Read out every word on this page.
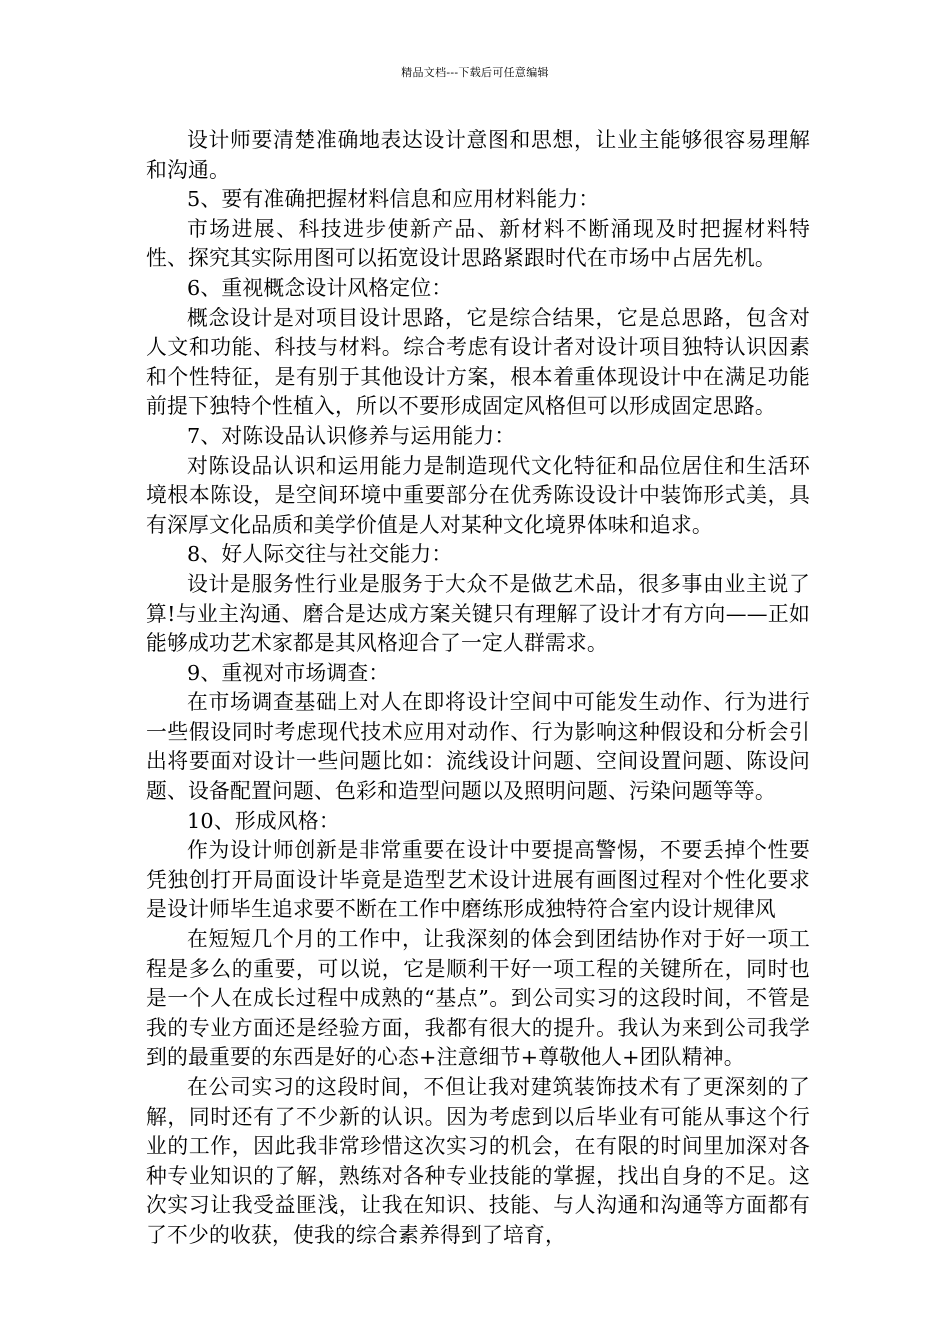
精品文档---下载后可任意编辑

设计师要清楚准确地表达设计意图和思想，让业主能够很容易理解和沟通。

5、要有准确把握材料信息和应用材料能力：

市场进展、科技进步使新产品、新材料不断涌现及时把握材料特性、探究其实际用图可以拓宽设计思路紧跟时代在市场中占居先机。

6、重视概念设计风格定位：

概念设计是对项目设计思路，它是综合结果，它是总思路，包含对人文和功能、科技与材料。综合考虑有设计者对设计项目独特认识因素和个性特征，是有别于其他设计方案，根本着重体现设计中在满足功能前提下独特个性植入，所以不要形成固定风格但可以形成固定思路。

7、对陈设品认识修养与运用能力：

对陈设品认识和运用能力是制造现代文化特征和品位居住和生活环境根本陈设，是空间环境中重要部分在优秀陈设设计中装饰形式美，具有深厚文化品质和美学价值是人对某种文化境界体味和追求。

8、好人际交往与社交能力：

设计是服务性行业是服务于大众不是做艺术品，很多事由业主说了算!与业主沟通、磨合是达成方案关键只有理解了设计才有方向——正如能够成功艺术家都是其风格迎合了一定人群需求。

9、重视对市场调查：

在市场调查基础上对人在即将设计空间中可能发生动作、行为进行一些假设同时考虑现代技术应用对动作、行为影响这种假设和分析会引出将要面对设计一些问题比如：流线设计问题、空间设置问题、陈设问题、设备配置问题、色彩和造型问题以及照明问题、污染问题等等。

10、形成风格：

作为设计师创新是非常重要在设计中要提高警惕，不要丢掉个性要凭独创打开局面设计毕竟是造型艺术设计进展有画图过程对个性化要求是设计师毕生追求要不断在工作中磨练形成独特符合室内设计规律风

在短短几个月的工作中，让我深刻的体会到团结协作对于好一项工程是多么的重要，可以说，它是顺利干好一项工程的关键所在，同时也是一个人在成长过程中成熟的“基点”。到公司实习的这段时间，不管是我的专业方面还是经验方面，我都有很大的提升。我认为来到公司我学到的最重要的东西是好的心态+注意细节+尊敬他人+团队精神。

在公司实习的这段时间，不但让我对建筑装饰技术有了更深刻的了解，同时还有了不少新的认识。因为考虑到以后毕业有可能从事这个行业的工作，因此我非常珍惜这次实习的机会，在有限的时间里加深对各种专业知识的了解，熟练对各种专业技能的掌握，找出自身的不足。这次实习让我受益匪浅，让我在知识、技能、与人沟通和沟通等方面都有了不少的收获，使我的综合素养得到了培育，
